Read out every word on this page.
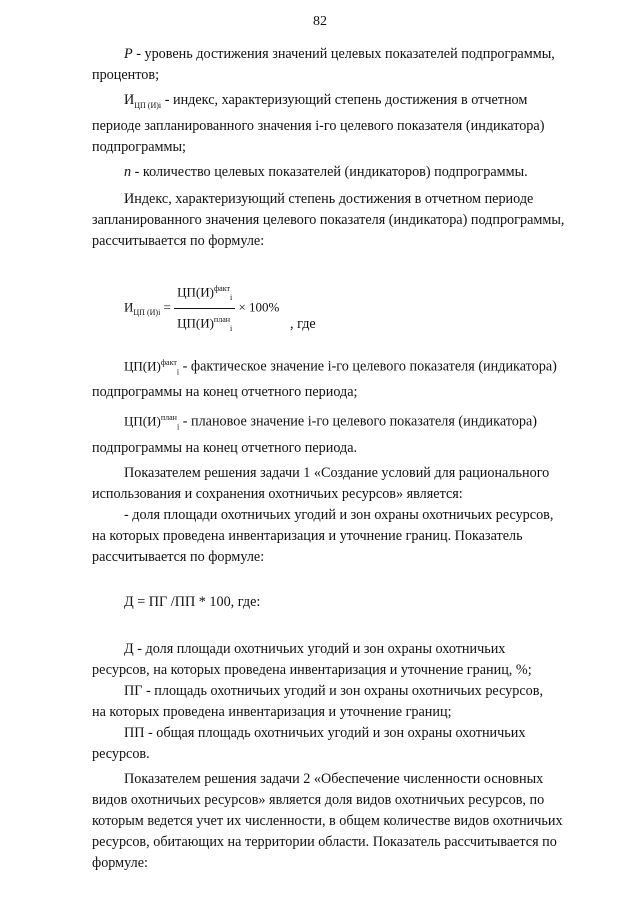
82

P - уровень достижения значений целевых показателей подпрограммы,

процентов;

$И_{ЦП (И)i}$ - индекс, характеризующий степень достижения в отчетном

периоде запланированного значения i-го целевого показателя (индикатора)

подпрограммы;

n - количество целевых показателей (индикаторов) подпрограммы.

Индекс, характеризующий степень достижения в отчетном периоде

запланированного значения целевого показателя (индикатора) подпрограммы,

рассчитывается по формуле:

$И_{ЦП (И)i} = \frac{ЦП(И)^{факт}_i}{ЦП(И)^{план}_i} \times 100\%$
, где

$ЦП(И)^{факт}_i$ - фактическое значение i-го целевого показателя (индикатора)

подпрограммы на конец отчетного периода;

$ЦП(И)^{план}_i$ - плановое значение i-го целевого показателя (индикатора)

подпрограммы на конец отчетного периода.

Показателем решения задачи 1 «Создание условий для рационального

использования и сохранения охотничьих ресурсов» является:

- доля площади охотничьих угодий и зон охраны охотничьих ресурсов,

на которых проведена инвентаризация и уточнение границ. Показатель

рассчитывается по формуле:

Д = ПГ /ПП * 100, где:

Д - доля площади охотничьих угодий и зон охраны охотничьих

ресурсов, на которых проведена инвентаризация и уточнение границ, %;

ПГ - площадь охотничьих угодий и зон охраны охотничьих ресурсов,

на которых проведена инвентаризация и уточнение границ;

ПП - общая площадь охотничьих угодий и зон охраны охотничьих

ресурсов.

Показателем решения задачи 2 «Обеспечение численности основных

видов охотничьих ресурсов» является доля видов охотничьих ресурсов, по

которым ведется учет их численности, в общем количестве видов охотничьих

ресурсов, обитающих на территории области. Показатель рассчитывается по

формуле:
